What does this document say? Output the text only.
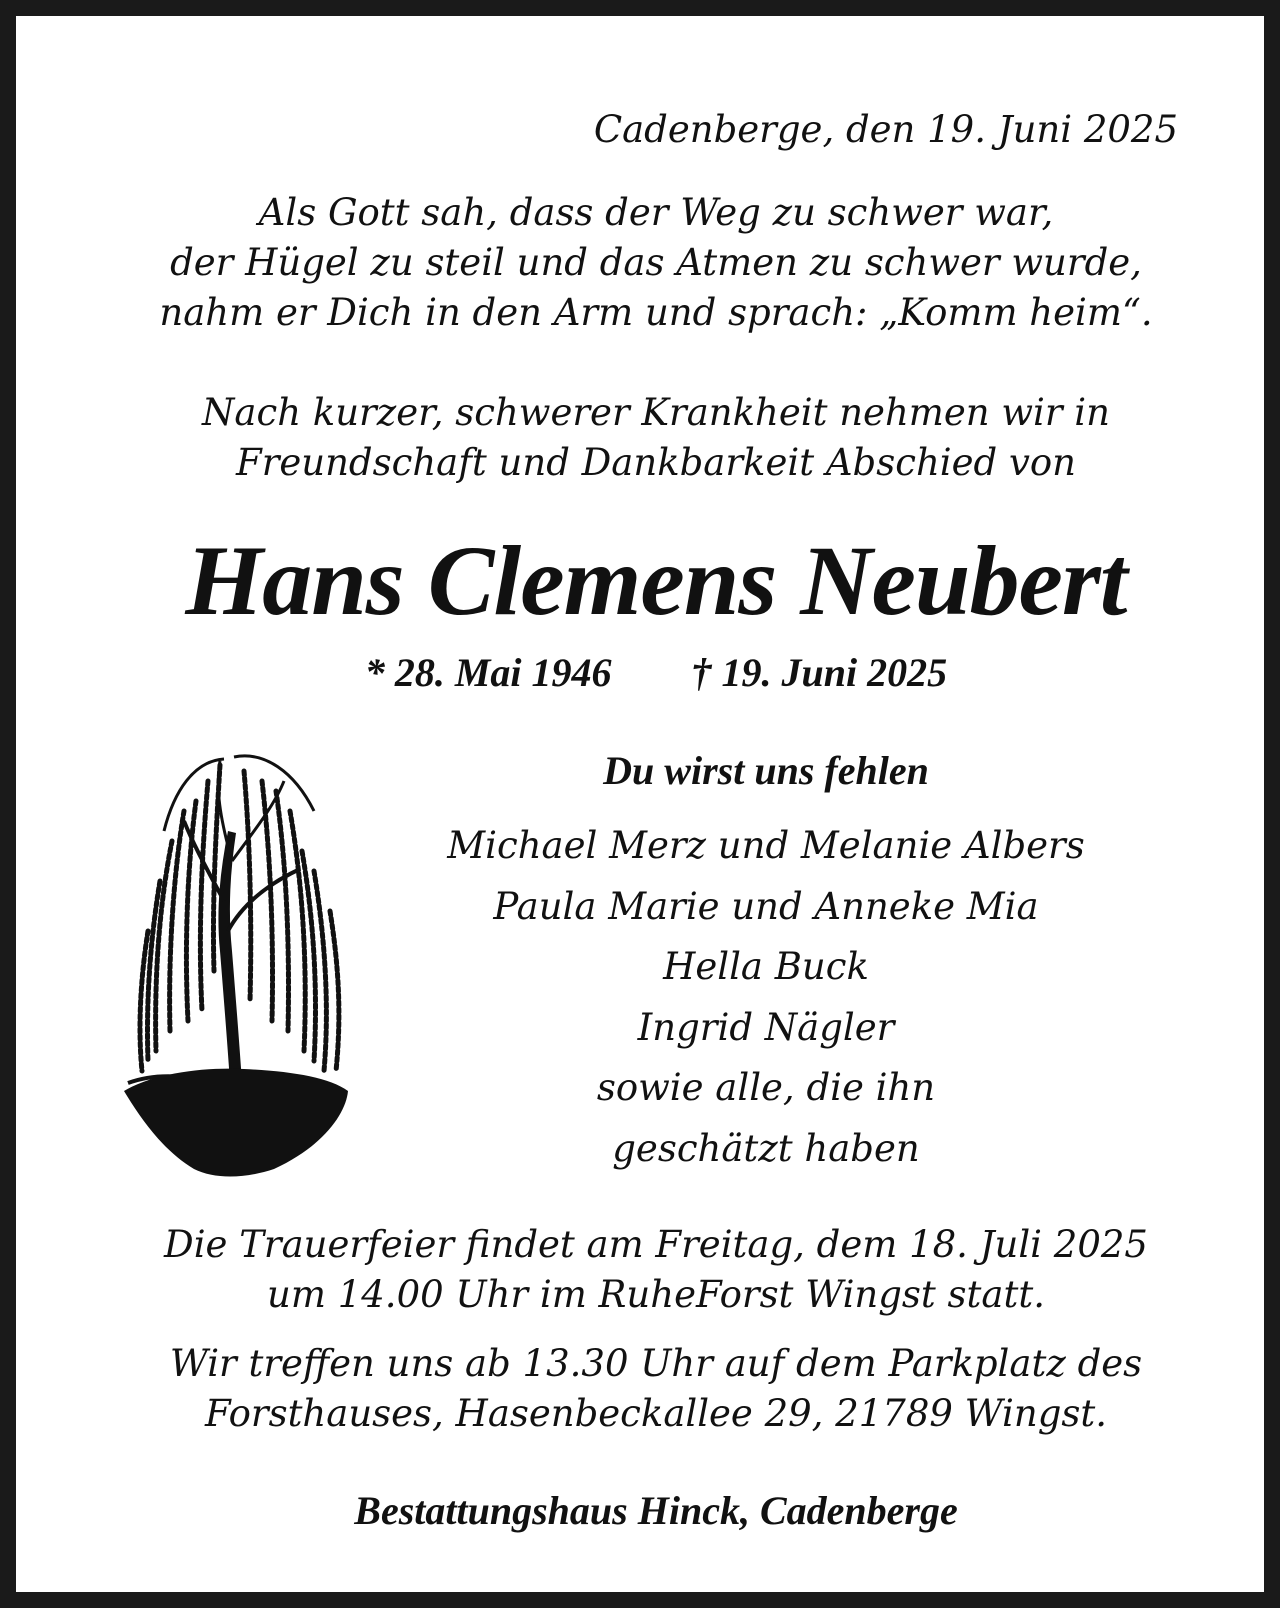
Cadenberge, den 19. Juni 2025

Als Gott sah, dass der Weg zu schwer war,
der Hügel zu steil und das Atmen zu schwer wurde,
nahm er Dich in den Arm und sprach: „Komm heim“.
Nach kurzer, schwerer Krankheit nehmen wir in
Freundschaft und Dankbarkeit Abschied von
Hans Clemens Neubert
* 28. Mai 1946 † 19. Juni 2025
Du wirst uns fehlen
Michael Merz und Melanie Albers
Paula Marie und Anneke Mia
Hella Buck
Ingrid Nägler
sowie alle, die ihn
geschätzt haben
Die Trauerfeier findet am Freitag, dem 18. Juli 2025
um 14.00 Uhr im RuheForst Wingst statt.
Wir treffen uns ab 13.30 Uhr auf dem Parkplatz des
Forsthauses, Hasenbeckallee 29, 21789 Wingst.
Bestattungshaus Hinck, Cadenberge
